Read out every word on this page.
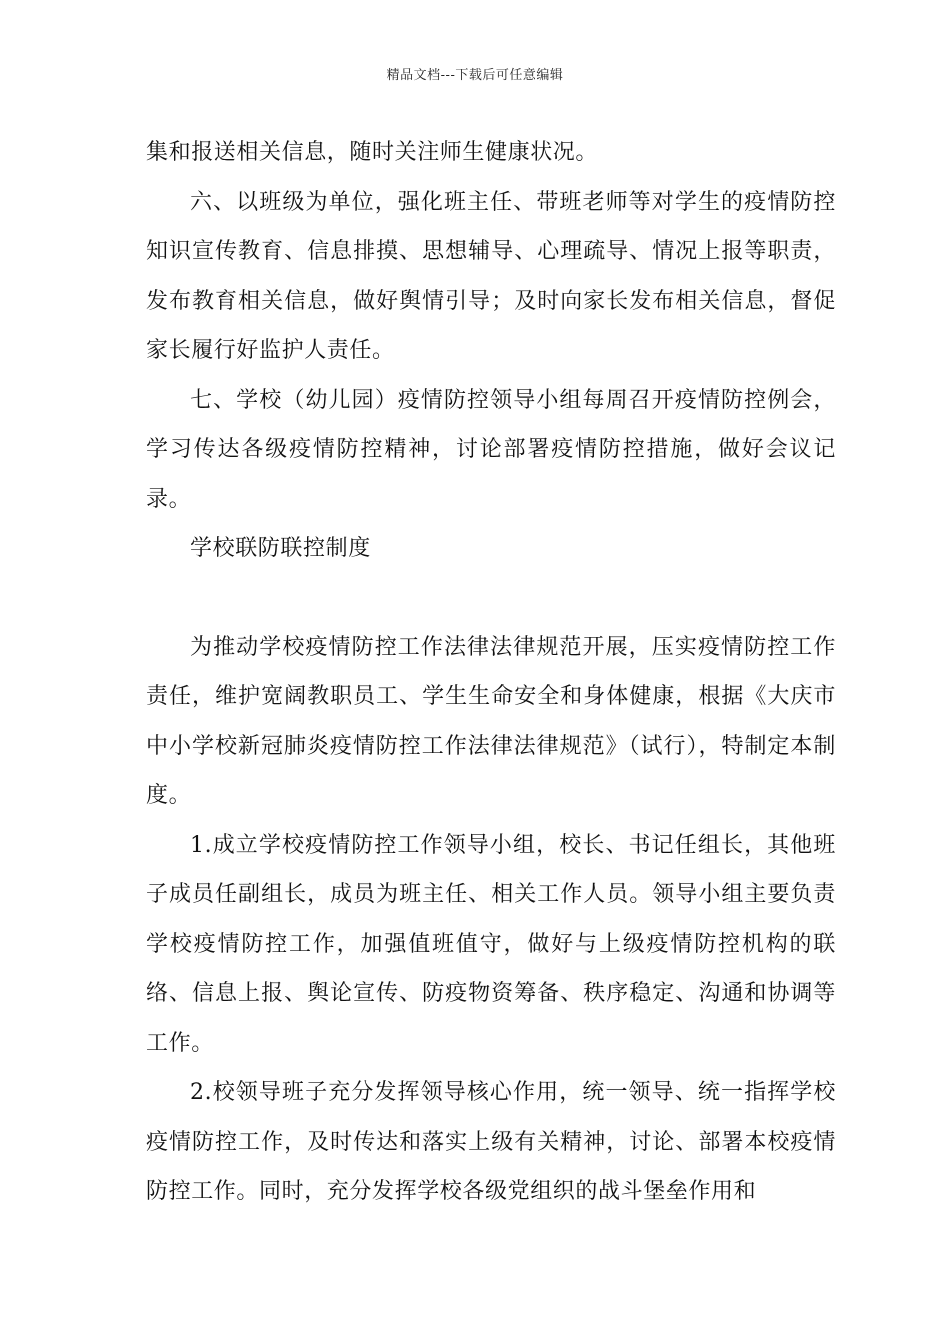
精品文档---下载后可任意编辑

集和报送相关信息，随时关注师生健康状况。

六、以班级为单位，强化班主任、带班老师等对学生的疫情防控知识宣传教育、信息排摸、思想辅导、心理疏导、情况上报等职责，发布教育相关信息，做好舆情引导；及时向家长发布相关信息，督促家长履行好监护人责任。

七、学校（幼儿园）疫情防控领导小组每周召开疫情防控例会，学习传达各级疫情防控精神，讨论部署疫情防控措施，做好会议记录。

学校联防联控制度

为推动学校疫情防控工作法律法律规范开展，压实疫情防控工作责任，维护宽阔教职员工、学生生命安全和身体健康，根据《大庆市中小学校新冠肺炎疫情防控工作法律法律规范》（试行），特制定本制度。

1.成立学校疫情防控工作领导小组，校长、书记任组长，其他班子成员任副组长，成员为班主任、相关工作人员。领导小组主要负责学校疫情防控工作，加强值班值守，做好与上级疫情防控机构的联络、信息上报、舆论宣传、防疫物资筹备、秩序稳定、沟通和协调等工作。

2.校领导班子充分发挥领导核心作用，统一领导、统一指挥学校疫情防控工作，及时传达和落实上级有关精神，讨论、部署本校疫情防控工作。同时，充分发挥学校各级党组织的战斗堡垒作用和
